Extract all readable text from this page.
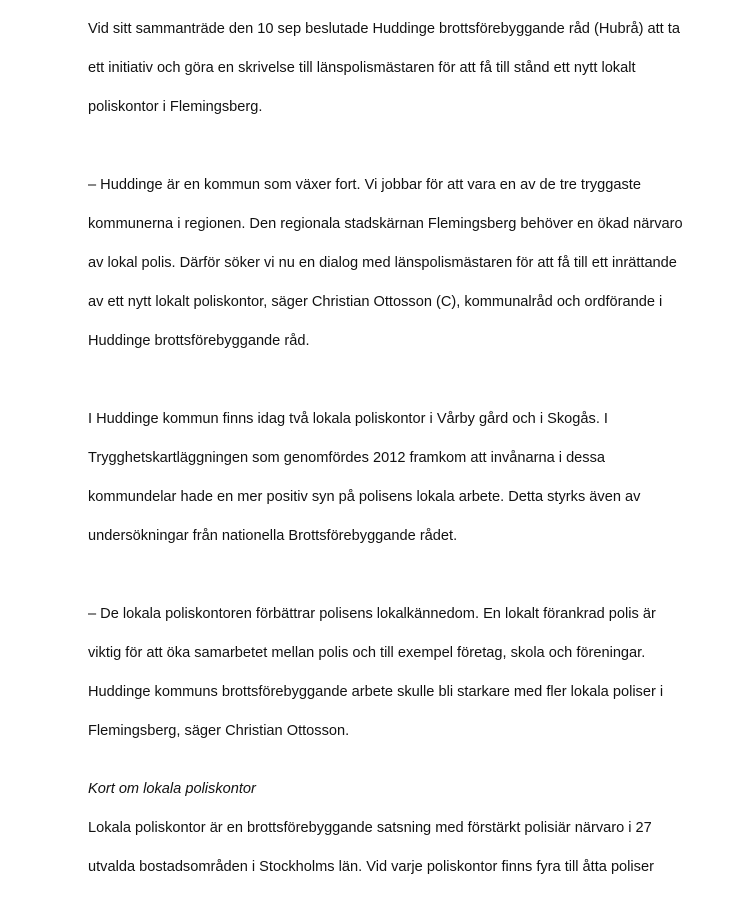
Vid sitt sammanträde den 10 sep beslutade Huddinge brottsförebyggande råd (Hubrå) att ta

ett initiativ och göra en skrivelse till länspolismästaren för att få till stånd ett nytt lokalt

poliskontor i Flemingsberg.

– Huddinge är en kommun som växer fort. Vi jobbar för att vara en av de tre tryggaste

kommunerna i regionen. Den regionala stadskärnan Flemingsberg behöver en ökad närvaro

av lokal polis. Därför söker vi nu en dialog med länspolismästaren för att få till ett inrättande

av ett nytt lokalt poliskontor, säger Christian Ottosson (C), kommunalråd och ordförande i

Huddinge brottsförebyggande råd.

I Huddinge kommun finns idag två lokala poliskontor i Vårby gård och i Skogås. I

Trygghetskartläggningen som genomfördes 2012 framkom att invånarna i dessa

kommundelar hade en mer positiv syn på polisens lokala arbete. Detta styrks även av

undersökningar från nationella Brottsförebyggande rådet.

– De lokala poliskontoren förbättrar polisens lokalkännedom. En lokalt förankrad polis är

viktig för att öka samarbetet mellan polis och till exempel företag, skola och föreningar.

Huddinge kommuns brottsförebyggande arbete skulle bli starkare med fler lokala poliser i

Flemingsberg, säger Christian Ottosson.

Kort om lokala poliskontor

Lokala poliskontor är en brottsförebyggande satsning med förstärkt polisiär närvaro i 27

utvalda bostadsområden i Stockholms län. Vid varje poliskontor finns fyra till åtta poliser
